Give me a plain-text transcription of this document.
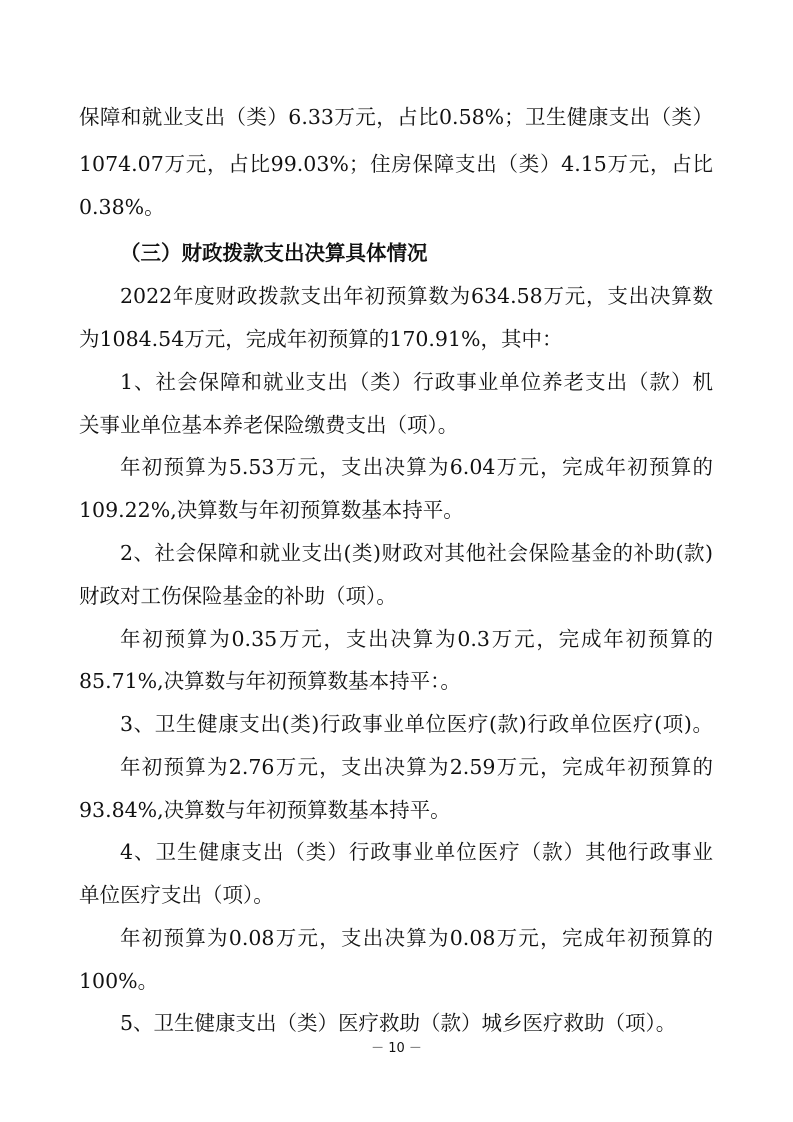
保障和就业支出（类）6.33万元，占比0.58%；卫生健康支出（类）
1074.07万元，占比99.03%；住房保障支出（类）4.15万元，占比
0.38%。
（三）财政拨款支出决算具体情况
2022年度财政拨款支出年初预算数为634.58万元，支出决算数
为1084.54万元，完成年初预算的170.91%，其中：
1、社会保障和就业支出（类）行政事业单位养老支出（款）机
关事业单位基本养老保险缴费支出（项）。
年初预算为5.53万元，支出决算为6.04万元，完成年初预算的
109.22%,决算数与年初预算数基本持平。
2、社会保障和就业支出(类)财政对其他社会保险基金的补助(款)
财政对工伤保险基金的补助（项）。
年初预算为0.35万元，支出决算为0.3万元，完成年初预算的
85.71%,决算数与年初预算数基本持平：。
3、卫生健康支出(类)行政事业单位医疗(款)行政单位医疗(项)。
年初预算为2.76万元，支出决算为2.59万元，完成年初预算的
93.84%,决算数与年初预算数基本持平。
4、卫生健康支出（类）行政事业单位医疗（款）其他行政事业
单位医疗支出（项）。
年初预算为0.08万元，支出决算为0.08万元，完成年初预算的
100%。
5、卫生健康支出（类）医疗救助（款）城乡医疗救助（项）。
－ 10 －
